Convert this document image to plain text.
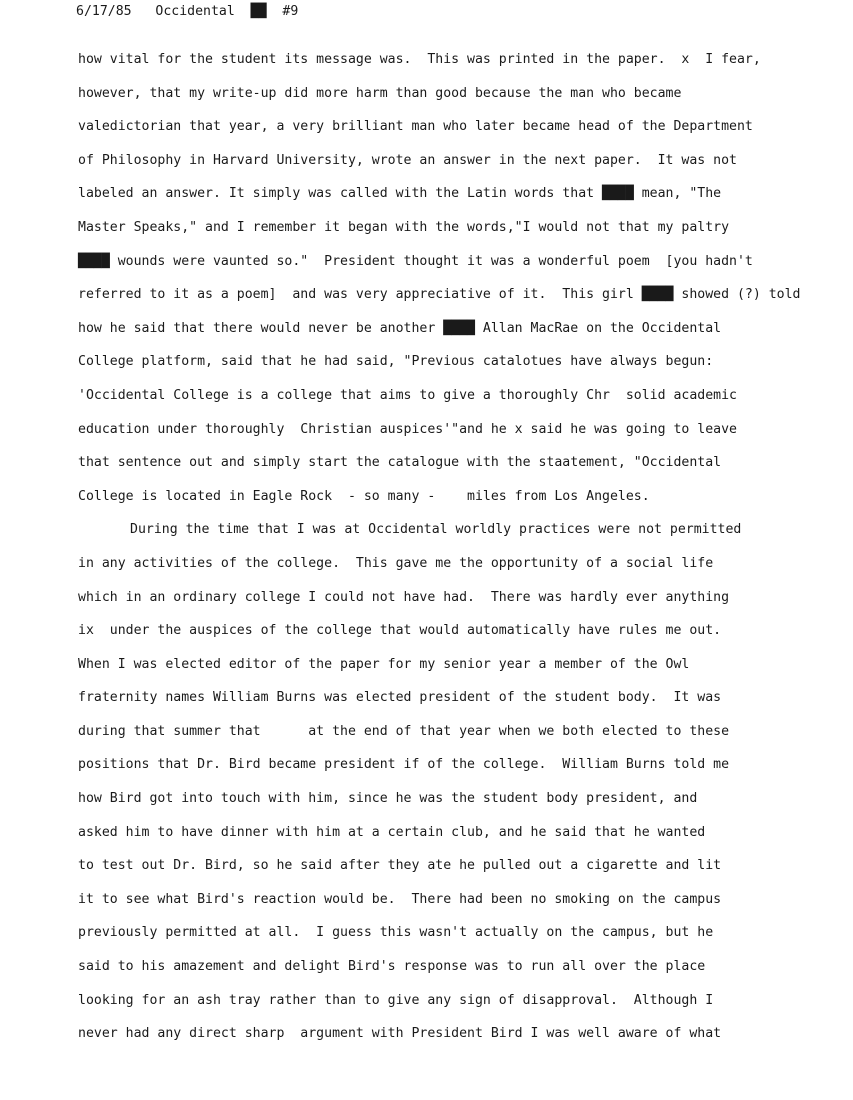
6/17/85   Occidental  ██  #9
how vital for the student its message was.  This was printed in the paper.  x  I fear,
however, that my write-up did more harm than good because the man who became
valedictorian that year, a very brilliant man who later became head of the Department
of Philosophy in Harvard University, wrote an answer in the next paper.  It was not
labeled an answer. It simply was called with the Latin words that ████ mean, "The
Master Speaks," and I remember it began with the words,"I would not that my paltry
████ wounds were vaunted so."  President thought it was a wonderful poem  [you hadn't
referred to it as a poem]  and was very appreciative of it.  This girl ████ showed (?) told
how he said that there would never be another ████ Allan MacRae on the Occidental
College platform, said that he had said, "Previous catalotues have always begun:
'Occidental College is a college that aims to give a thoroughly Chr  solid academic
education under thoroughly  Christian auspices'"and he x said he was going to leave
that sentence out and simply start the catalogue with the staatement, "Occidental
College is located in Eagle Rock  - so many -    miles from Los Angeles.
During the time that I was at Occidental worldly practices were not permitted
in any activities of the college.  This gave me the opportunity of a social life
which in an ordinary college I could not have had.  There was hardly ever anything
ix  under the auspices of the college that would automatically have rules me out.
When I was elected editor of the paper for my senior year a member of the Owl
fraternity names William Burns was elected president of the student body.  It was
during that summer that      at the end of that year when we both elected to these
positions that Dr. Bird became president if of the college.  William Burns told me
how Bird got into touch with him, since he was the student body president, and
asked him to have dinner with him at a certain club, and he said that he wanted
to test out Dr. Bird, so he said after they ate he pulled out a cigarette and lit
it to see what Bird's reaction would be.  There had been no smoking on the campus
previously permitted at all.  I guess this wasn't actually on the campus, but he
said to his amazement and delight Bird's response was to run all over the place
looking for an ash tray rather than to give any sign of disapproval.  Although I
never had any direct sharp  argument with President Bird I was well aware of what
